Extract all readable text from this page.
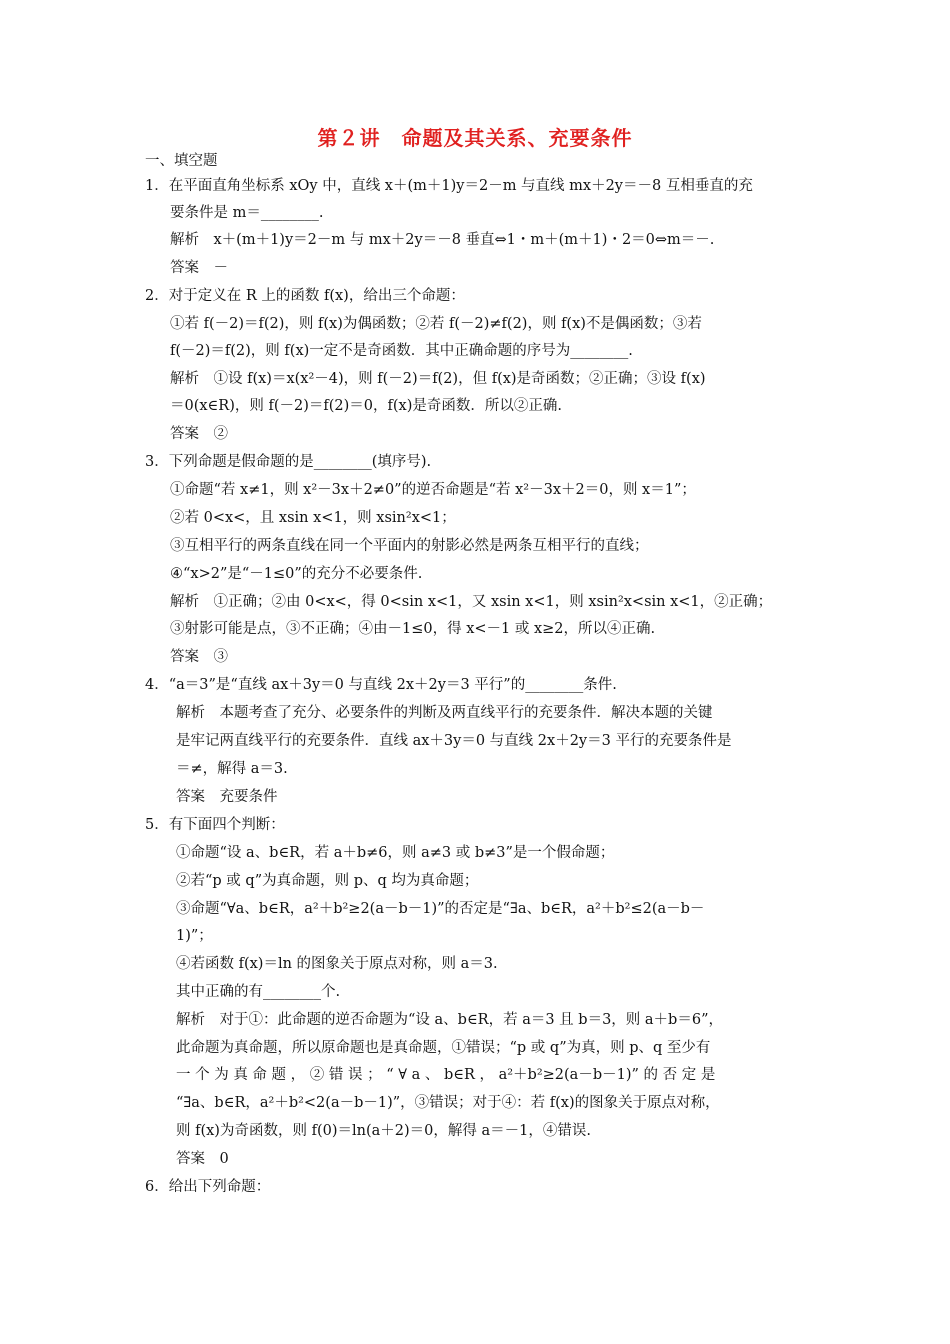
第２讲　命题及其关系、充要条件
一、填空题
1．在平面直角坐标系 xOy 中，直线 x＋(m＋1)y＝2－m 与直线 mx＋2y＝－8 互相垂直的充
要条件是 m＝________.
解析　x＋(m＋1)y＝2－m 与 mx＋2y＝－8 垂直⇔1・m＋(m＋1)・2＝0⇔m＝－.
答案　－
2．对于定义在 R 上的函数 f(x)，给出三个命题：
①若 f(－2)＝f(2)，则 f(x)为偶函数；②若 f(－2)≠f(2)，则 f(x)不是偶函数；③若
f(－2)＝f(2)，则 f(x)一定不是奇函数．其中正确命题的序号为________.
解析　①设 f(x)＝x(x²－4)，则 f(－2)＝f(2)，但 f(x)是奇函数；②正确；③设 f(x)
＝0(x∈R)，则 f(－2)＝f(2)＝0，f(x)是奇函数．所以②正确.
答案　②
3．下列命题是假命题的是________(填序号).
①命题“若 x≠1，则 x²－3x＋2≠0”的逆否命题是“若 x²－3x＋2＝0，则 x＝1”；
②若 0<x<，且 xsin x<1，则 xsin²x<1；
③互相平行的两条直线在同一个平面内的射影必然是两条互相平行的直线；
④“x>2”是“－1≤0”的充分不必要条件.
解析　①正确；②由 0<x<，得 0<sin x<1，又 xsin x<1，则 xsin²x<sin x<1，②正确；
③射影可能是点，③不正确；④由－1≤0，得 x<－1 或 x≥2，所以④正确.
答案　③
4．“a＝3”是“直线 ax＋3y＝0 与直线 2x＋2y＝3 平行”的________条件.
解析　本题考查了充分、必要条件的判断及两直线平行的充要条件．解决本题的关键
是牢记两直线平行的充要条件．直线 ax＋3y＝0 与直线 2x＋2y＝3 平行的充要条件是
＝≠，解得 a＝3.
答案　充要条件
5．有下面四个判断：
①命题“设 a、b∈R，若 a＋b≠6，则 a≠3 或 b≠3”是一个假命题；
②若“p 或 q”为真命题，则 p、q 均为真命题；
③命题“∀a、b∈R，a²＋b²≥2(a－b－1)”的否定是“∃a、b∈R，a²＋b²≤2(a－b－
1)”；
④若函数 f(x)＝ln 的图象关于原点对称，则 a＝3.
其中正确的有________个.
解析　对于①：此命题的逆否命题为“设 a、b∈R，若 a＝3 且 b＝3，则 a＋b＝6”，
此命题为真命题，所以原命题也是真命题，①错误；“p 或 q”为真，则 p、q 至少有
一 个 为 真 命 题 ， ② 错 误 ； “ ∀ a 、 b∈R ， a²＋b²≥2(a－b－1)” 的 否 定 是
“∃a、b∈R，a²＋b²<2(a－b－1)”，③错误；对于④：若 f(x)的图象关于原点对称，
则 f(x)为奇函数，则 f(0)＝ln(a＋2)＝0，解得 a＝－1，④错误.
答案　0
6．给出下列命题：
